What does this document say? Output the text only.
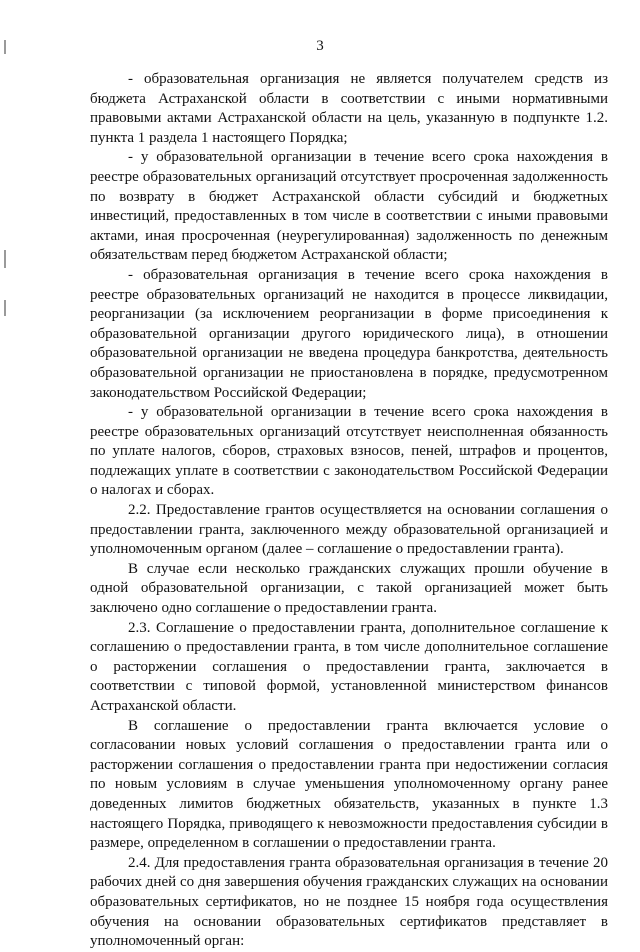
3

- образовательная организация не является получателем средств из бюджета Астраханской области в соответствии с иными нормативными правовыми актами Астраханской области на цель, указанную в подпункте 1.2. пункта 1 раздела 1 настоящего Порядка;

- у образовательной организации в течение всего срока нахождения в реестре образовательных организаций отсутствует просроченная задолженность по возврату в бюджет Астраханской области субсидий и бюджетных инвестиций, предоставленных в том числе в соответствии с иными правовыми актами, иная просроченная (неурегулированная) задолженность по денежным обязательствам перед бюджетом Астраханской области;

- образовательная организация в течение всего срока нахождения в реестре образовательных организаций не находится в процессе ликвидации, реорганизации (за исключением реорганизации в форме присоединения к образовательной организации другого юридического лица), в отношении образовательной организации не введена процедура банкротства, деятельность образовательной организации не приостановлена в порядке, предусмотренном законодательством Российской Федерации;

- у образовательной организации в течение всего срока нахождения в реестре образовательных организаций отсутствует неисполненная обязанность по уплате налогов, сборов, страховых взносов, пеней, штрафов и процентов, подлежащих уплате в соответствии с законодательством Российской Федерации о налогах и сборах.

2.2. Предоставление грантов осуществляется на основании соглашения о предоставлении гранта, заключенного между образовательной организацией и уполномоченным органом (далее – соглашение о предоставлении гранта).

В случае если несколько гражданских служащих прошли обучение в одной образовательной организации, с такой организацией может быть заключено одно соглашение о предоставлении гранта.

2.3. Соглашение о предоставлении гранта, дополнительное соглашение к соглашению о предоставлении гранта, в том числе дополнительное соглашение о расторжении соглашения о предоставлении гранта, заключается в соответствии с типовой формой, установленной министерством финансов Астраханской области.

В соглашение о предоставлении гранта включается условие о согласовании новых условий соглашения о предоставлении гранта или о расторжении соглашения о предоставлении гранта при недостижении согласия по новым условиям в случае уменьшения уполномоченному органу ранее доведенных лимитов бюджетных обязательств, указанных в пункте 1.3 настоящего Порядка, приводящего к невозможности предоставления субсидии в размере, определенном в соглашении о предоставлении гранта.

2.4. Для предоставления гранта образовательная организация в течение 20 рабочих дней со дня завершения обучения гражданских служащих на основании образовательных сертификатов, но не позднее 15 ноября года осуществления обучения на основании образовательных сертификатов представляет в уполномоченный орган:
